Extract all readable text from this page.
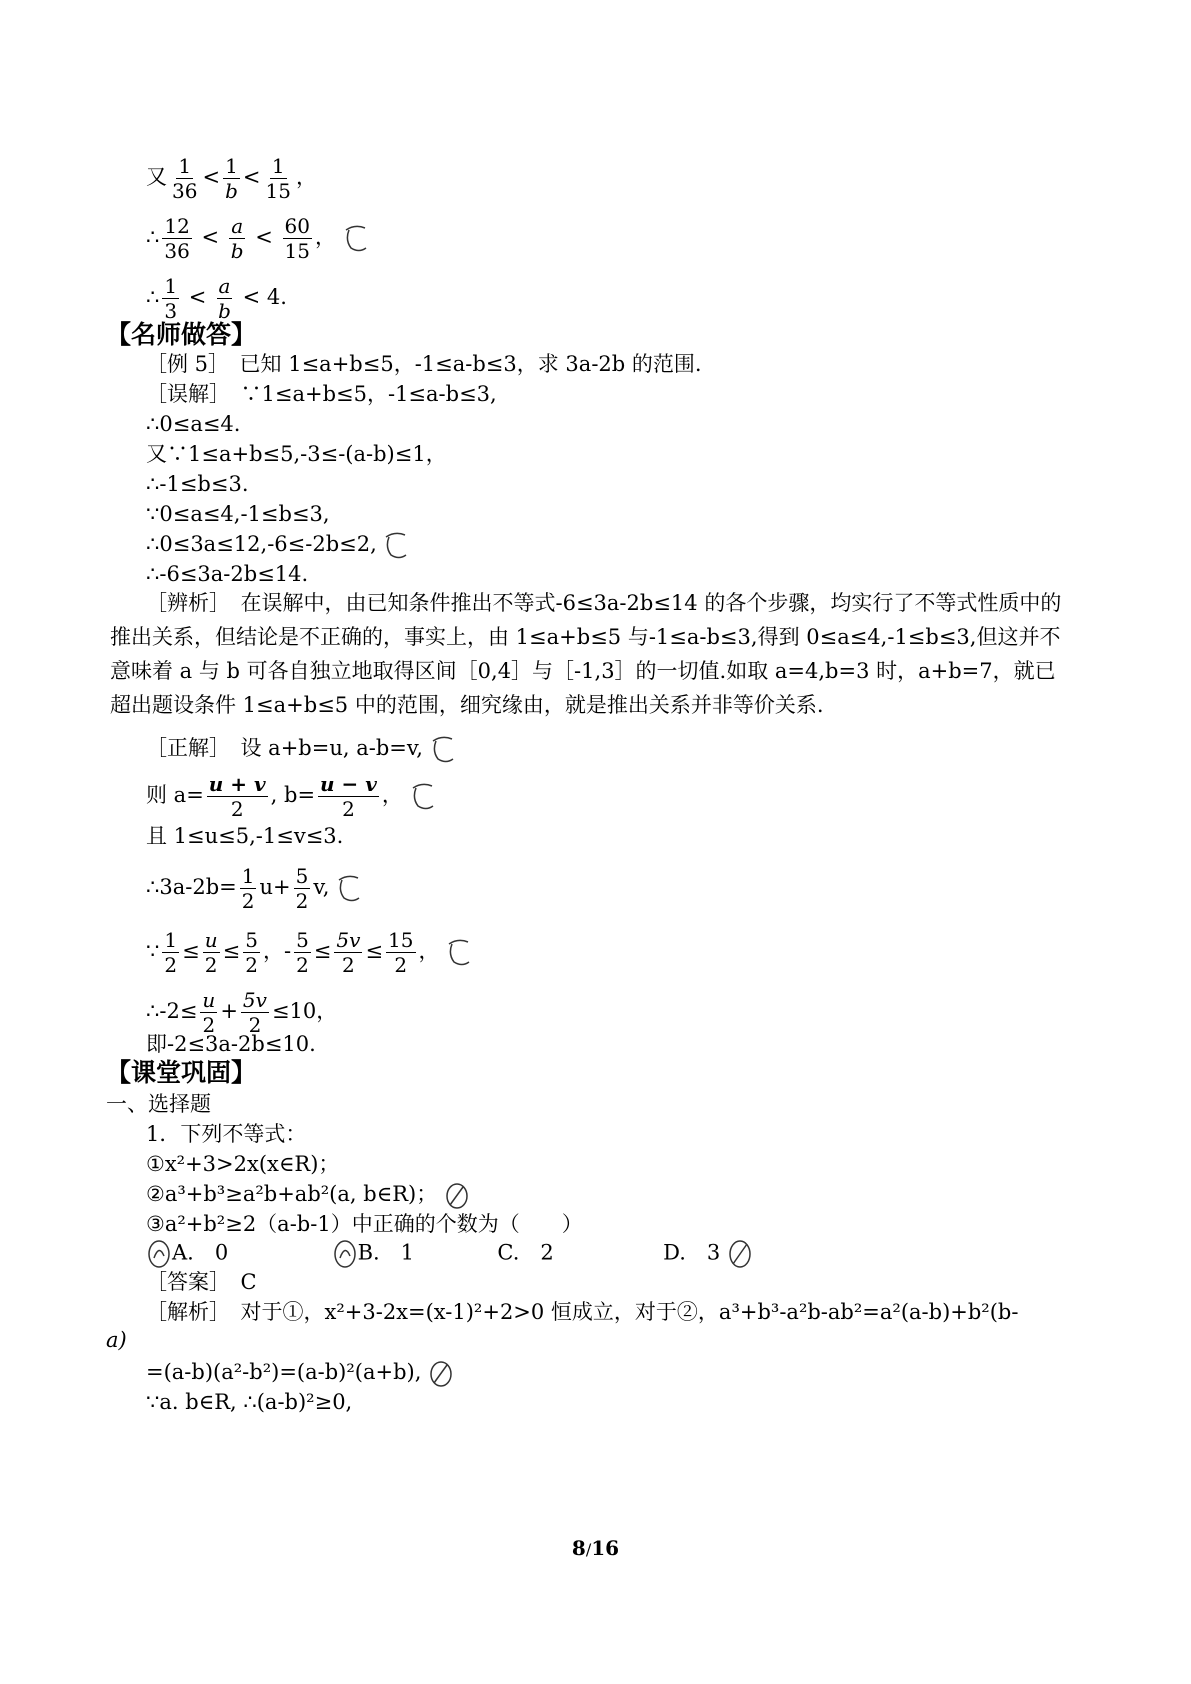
又 $\frac{1}{36} < \frac{1}{b} < \frac{1}{15}$ ，
∴ $\frac{12}{36} < \frac{a}{b} < \frac{60}{15}$ ，
∴ $\frac{1}{3} < \frac{a}{b} < 4$.
【名师做答】
［例 5］　 已知 1≤a+b≤5，-1≤a-b≤3，求 3a-2b 的范围.
［误解］　 ∵1≤a+b≤5，-1≤a-b≤3,
∴0≤a≤4.
又∵1≤a+b≤5,-3≤-(a-b)≤1，
∴-1≤b≤3.
∵0≤a≤4,-1≤b≤3,
∴0≤3a≤12,-6≤-2b≤2,
∴-6≤3a-2b≤14.
［辨析］　 在误解中，由已知条件推出不等式-6≤3a-2b≤14 的各个步骤，均实行了不等式性质中的推出关系，但结论是不正确的，事实上，由 1≤a+b≤5 与-1≤a-b≤3,得到 0≤a≤4,-1≤b≤3,但这并不意味着 a 与 b 可各自独立地取得区间［0,4］与［-1,3］的一切值.如取 a=4,b=3 时，a+b=7，就已超出题设条件 1≤a+b≤5 中的范围，细究缘由，就是推出关系并非等价关系.
［正解］　 设 a+b=u, a-b=v,
则 $a= \frac{u + v}{2}$ , $b= \frac{u - v}{2}$ ，
且 1≤u≤5,-1≤v≤3.
∴3a-2b= $\frac{1}{2} u+ \frac{5}{2} v$,
∵ $\frac{1}{2} \le \frac{u}{2} \le \frac{5}{2}$ ，- $\frac{5}{2} \le \frac{5v}{2} \le \frac{15}{2}$ ，
∴-2≤ $\frac{u}{2} + \frac{5v}{2} \le 10$，
即-2≤3a-2b≤10.
【课堂巩固】
一、选择题
1．下列不等式：
①x²+3>2x(x∈R)；
②a³+b³≥a²b+ab²(a, b∈R)；
③a²+b²≥2（a-b-1）中正确的个数为（　　）
A.　0	B.　1	C.　2	D.　3
［答案］　 C
［解析］　 对于①，x²+3-2x=(x-1)²+2>0 恒成立，对于②，a³+b³-a²b-ab²=a²(a-b)+b²(b-
a)
=(a-b)(a²-b²)=(a-b)²(a+b),
∵a. b∈R, ∴(a-b)²≥0,
8/16
